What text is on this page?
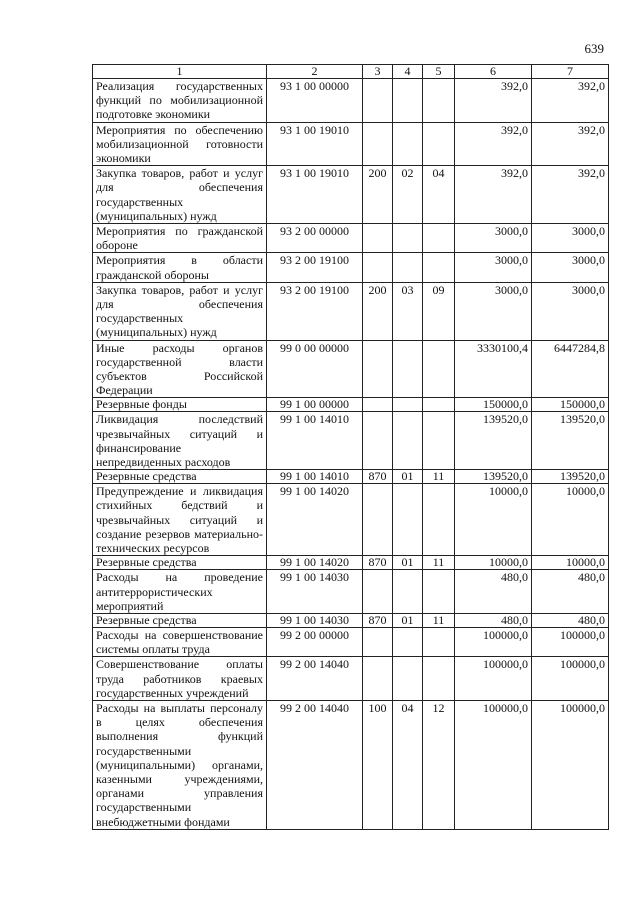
639
1	2	3	4	5	6	7
Реализация государственных функций по мобилизационной подготовке экономики	93 1 00 00000				392,0	392,0
Мероприятия по обеспечению мобилизационной готовности экономики	93 1 00 19010				392,0	392,0
Закупка товаров, работ и услуг для обеспечения государственных (муниципальных) нужд	93 1 00 19010	200	02	04	392,0	392,0
Мероприятия по гражданской обороне	93 2 00 00000				3000,0	3000,0
Мероприятия в области гражданской обороны	93 2 00 19100				3000,0	3000,0
Закупка товаров, работ и услуг для обеспечения государственных (муниципальных) нужд	93 2 00 19100	200	03	09	3000,0	3000,0
Иные расходы органов государственной власти субъектов Российской Федерации	99 0 00 00000				3330100,4	6447284,8
Резервные фонды	99 1 00 00000				150000,0	150000,0
Ликвидация последствий чрезвычайных ситуаций и финансирование непредвиденных расходов	99 1 00 14010				139520,0	139520,0
Резервные средства	99 1 00 14010	870	01	11	139520,0	139520,0
Предупреждение и ликвидация стихийных бедствий и чрезвычайных ситуаций и создание резервов материально-технических ресурсов	99 1 00 14020				10000,0	10000,0
Резервные средства	99 1 00 14020	870	01	11	10000,0	10000,0
Расходы на проведение антитеррористических мероприятий	99 1 00 14030				480,0	480,0
Резервные средства	99 1 00 14030	870	01	11	480,0	480,0
Расходы на совершенствование системы оплаты труда	99 2 00 00000				100000,0	100000,0
Совершенствование оплаты труда работников краевых государственных учреждений	99 2 00 14040				100000,0	100000,0
Расходы на выплаты персоналу в целях обеспечения выполнения функций государственными (муниципальными) органами, казенными учреждениями, органами управления государственными внебюджетными фондами	99 2 00 14040	100	04	12	100000,0	100000,0
